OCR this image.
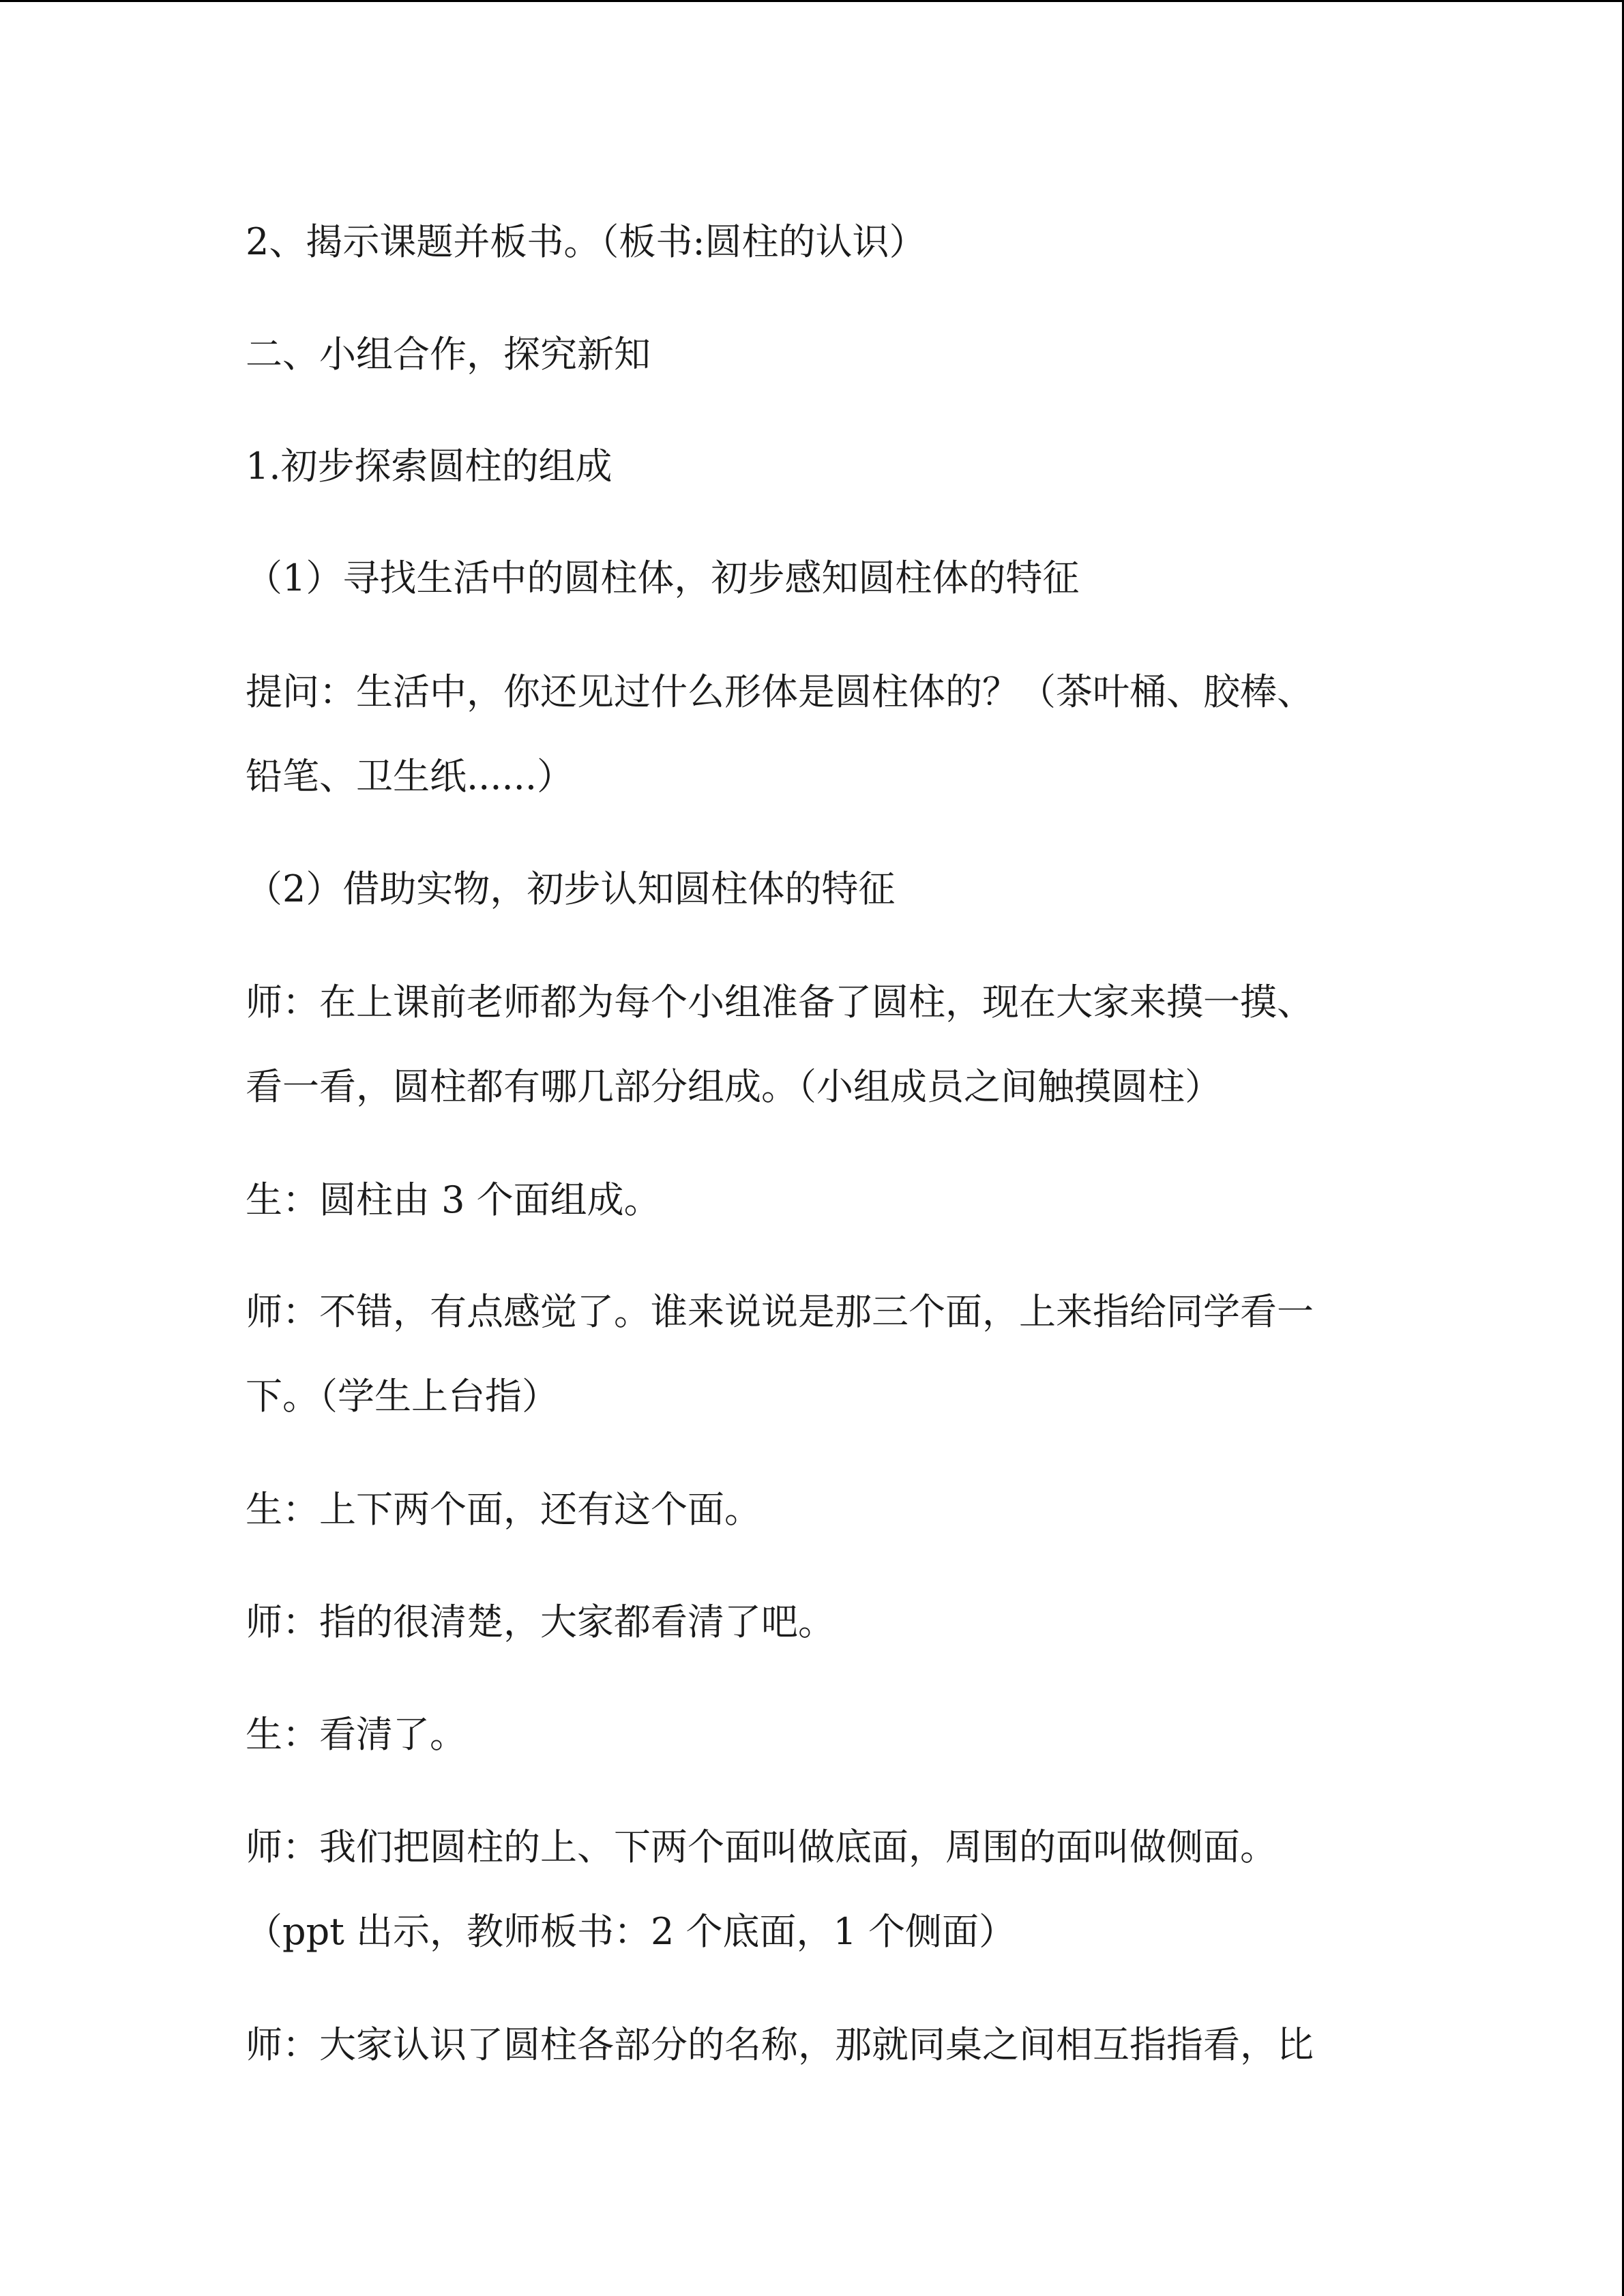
2、揭示课题并板书。（板书:圆柱的认识）
二、小组合作，探究新知
1.初步探索圆柱的组成
（1）寻找生活中的圆柱体，初步感知圆柱体的特征
提问：生活中，你还见过什么形体是圆柱体的？（茶叶桶、胶棒、
铅笔、卫生纸......）
（2）借助实物，初步认知圆柱体的特征
师：在上课前老师都为每个小组准备了圆柱，现在大家来摸一摸、
看一看，圆柱都有哪几部分组成。（小组成员之间触摸圆柱）
生：圆柱由 3 个面组成。
师：不错，有点感觉了。谁来说说是那三个面，上来指给同学看一
下。（学生上台指）
生：上下两个面，还有这个面。
师：指的很清楚，大家都看清了吧。
生：看清了。
师：我们把圆柱的上、下两个面叫做底面，周围的面叫做侧面。
（ppt 出示，教师板书：2 个底面，1 个侧面）
师：大家认识了圆柱各部分的名称，那就同桌之间相互指指看，比
